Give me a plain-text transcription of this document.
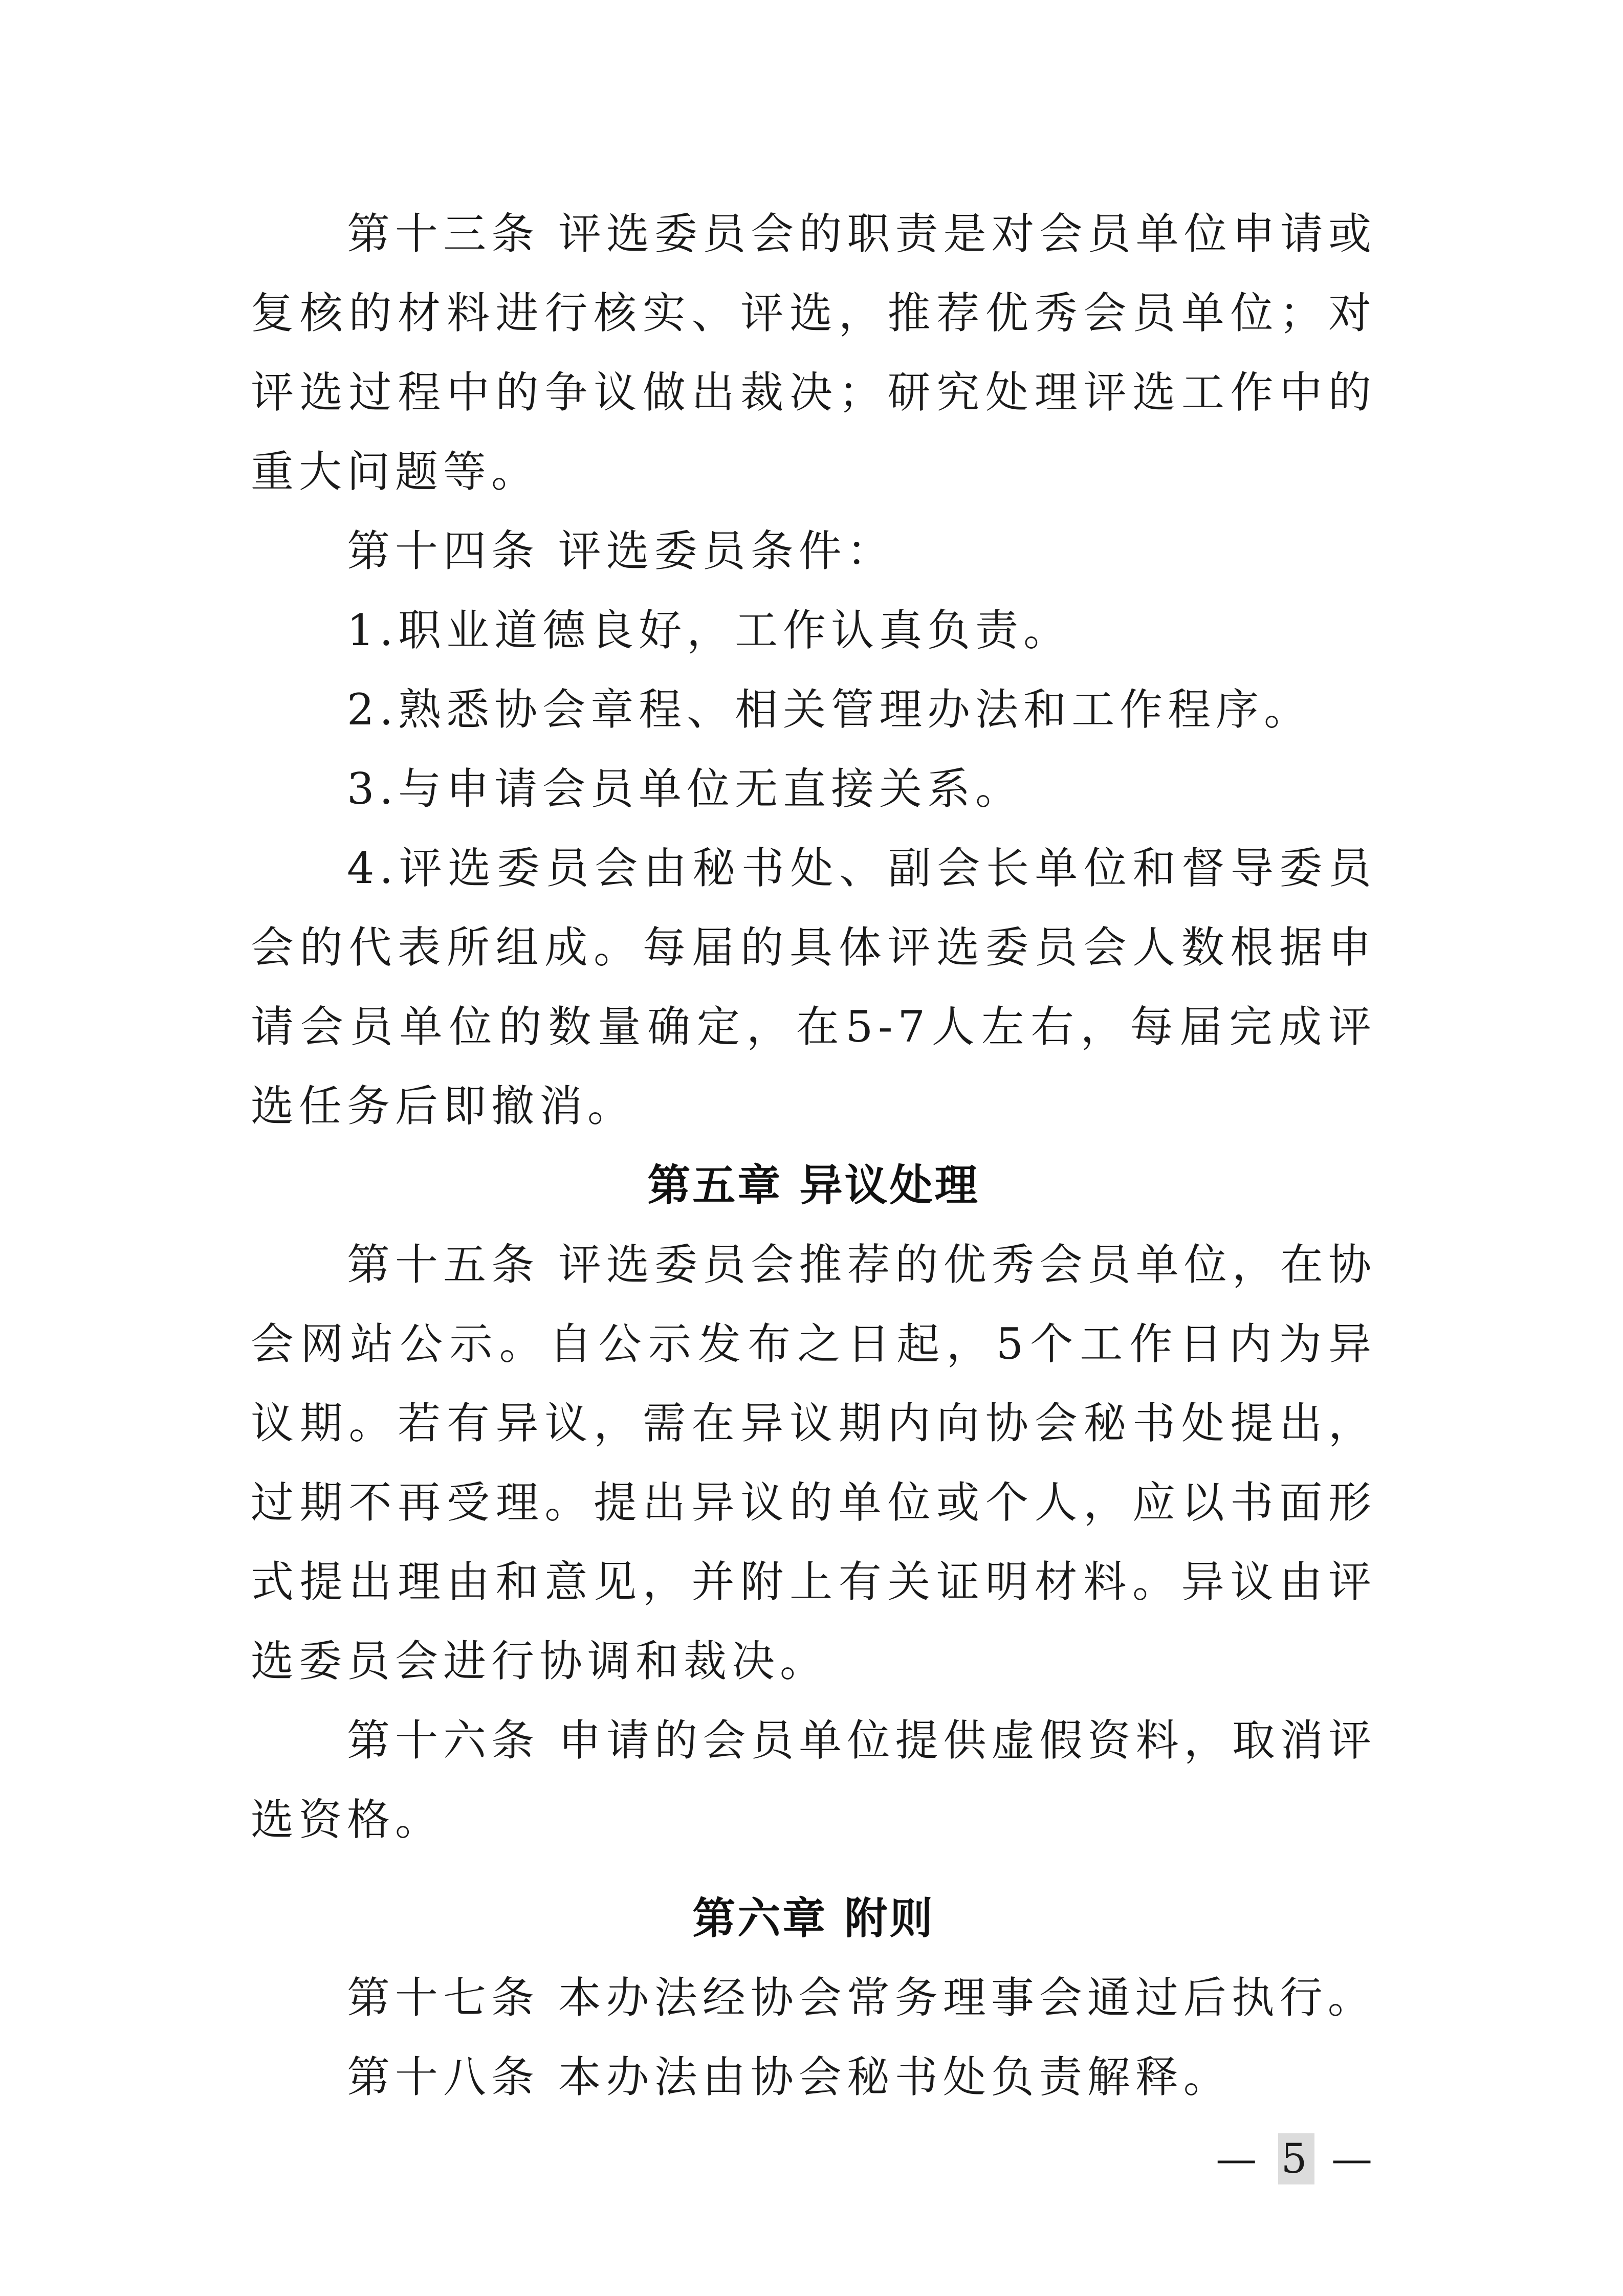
第十三条 评选委员会的职责是对会员单位申请或复核的材料进行核实、评选，推荐优秀会员单位；对评选过程中的争议做出裁决；研究处理评选工作中的重大问题等。

第十四条 评选委员条件：

1.职业道德良好，工作认真负责。

2.熟悉协会章程、相关管理办法和工作程序。

3.与申请会员单位无直接关系。

4.评选委员会由秘书处、副会长单位和督导委员会的代表所组成。每届的具体评选委员会人数根据申请会员单位的数量确定，在5-7人左右，每届完成评选任务后即撤消。

第五章 异议处理

第十五条 评选委员会推荐的优秀会员单位，在协会网站公示。自公示发布之日起，5个工作日内为异议期。若有异议，需在异议期内向协会秘书处提出，过期不再受理。提出异议的单位或个人，应以书面形式提出理由和意见，并附上有关证明材料。异议由评选委员会进行协调和裁决。

第十六条 申请的会员单位提供虚假资料，取消评选资格。

第六章 附则

第十七条 本办法经协会常务理事会通过后执行。

第十八条 本办法由协会秘书处负责解释。

— 5 —
